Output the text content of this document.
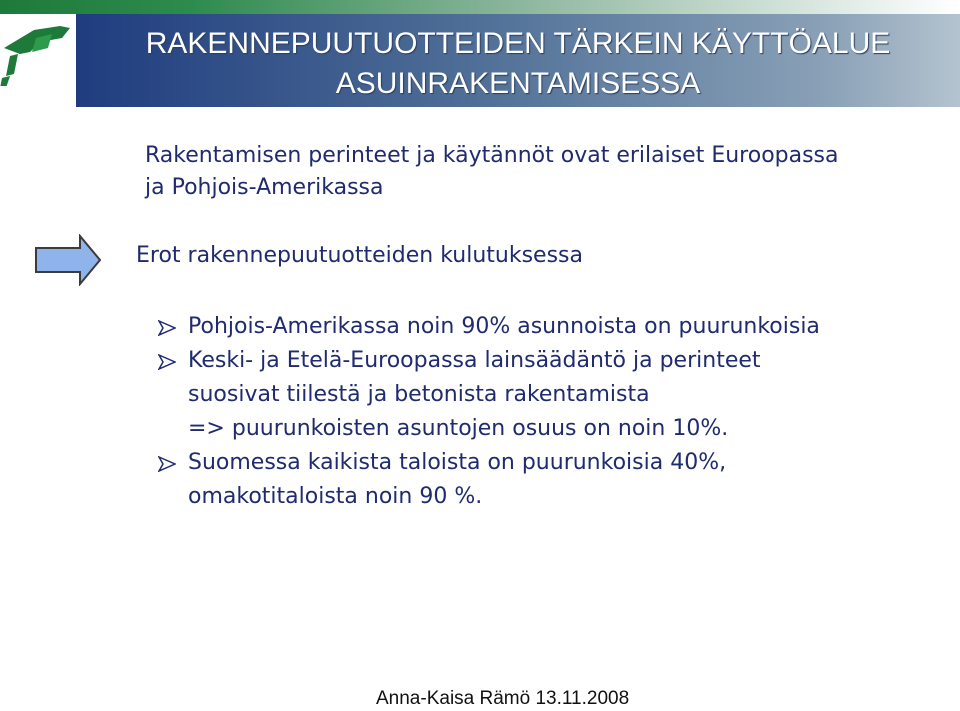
RAKENNEPUUTUOTTEIDEN TÄRKEIN KÄYTTÖALUE
ASUINRAKENTAMISESSA
Rakentamisen perinteet ja käytännöt ovat erilaiset Euroopassa
ja Pohjois-Amerikassa
Erot rakennepuutuotteiden kulutuksessa
Pohjois-Amerikassa noin 90% asunnoista on puurunkoisia
Keski- ja Etelä-Euroopassa lainsäädäntö ja perinteet
suosivat tiilestä ja betonista rakentamista
=> puurunkoisten asuntojen osuus on noin 10%.
Suomessa kaikista taloista on puurunkoisia 40%,
omakotitaloista noin 90 %.
Anna-Kaisa Rämö 13.11.2008
